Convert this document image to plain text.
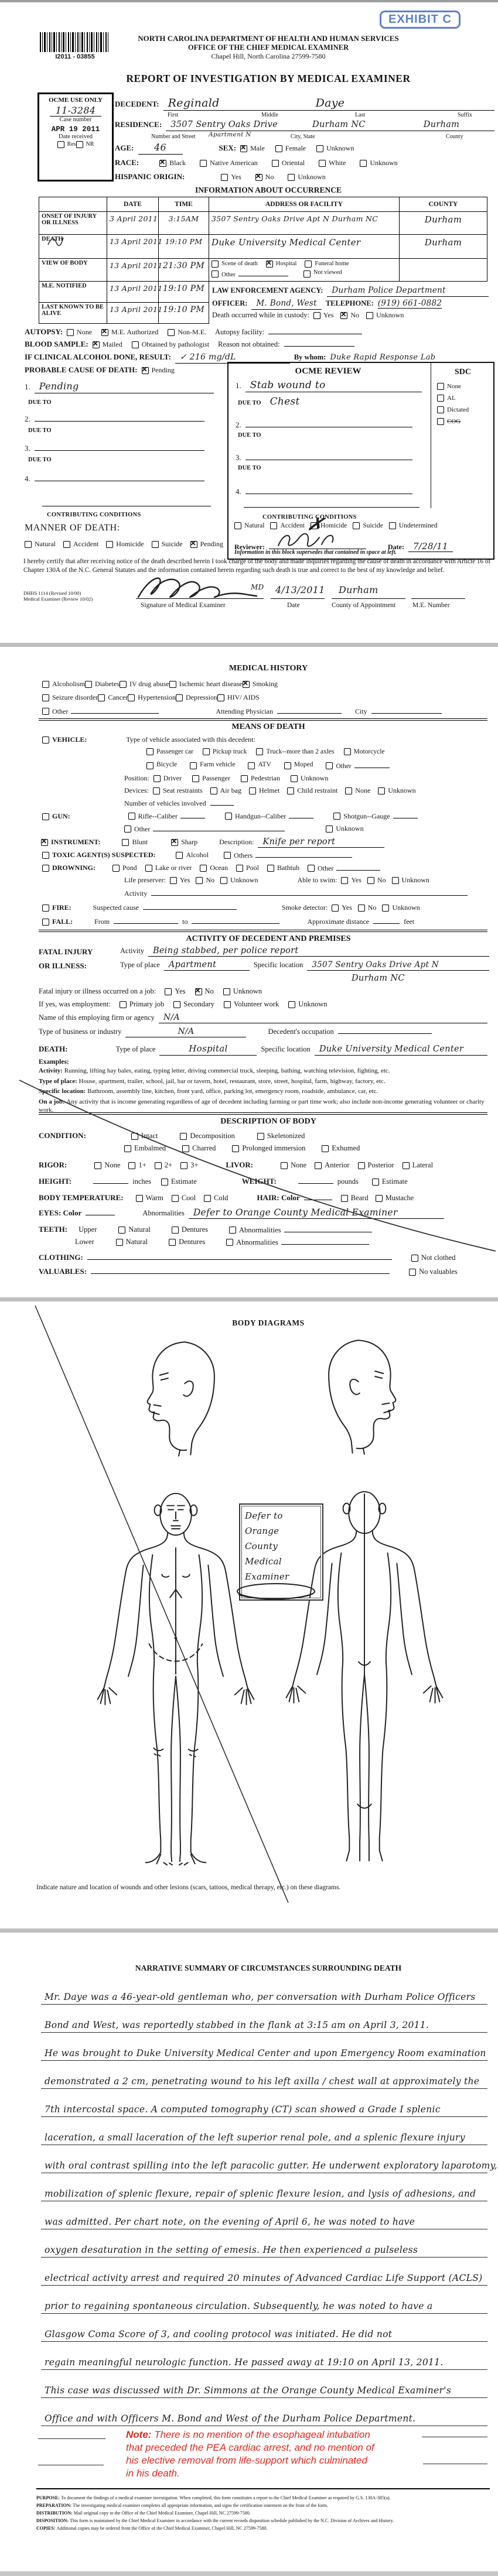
EXHIBIT C
I2011 - 03855
NORTH CAROLINA DEPARTMENT OF HEALTH AND HUMAN SERVICES
OFFICE OF THE CHIEF MEDICAL EXAMINER
Chapel Hill, North Carolina 27599-7580
REPORT OF INVESTIGATION BY MEDICAL EXAMINER
OCME USE ONLY
11-3284
Case number
APR 19 2011
Date received
Res NR
DECEDENT: Reginald	Daye
First	Middle	Last	Suffix
RESIDENCE:	3507 Sentry Oaks Drive	Durham NC	Durham
Number and Street Apartment N	City, State	County
AGE:	46	SEX: ✕ Male	Female	Unknown
RACE: ✕	Black	Native American	Oriental	White	Unknown
HISPANIC ORIGIN:	Yes ✕	No	Unknown
INFORMATION ABOUT OCCURRENCE
DATE	TIME	ADDRESS OR FACILITY	COUNTY
ONSET OF INJURY OR ILLNESS	3 April 2011	3:15AM	3507 Sentry Oaks Drive Apt N Durham NC	Durham
DEATH	13 April 2011 19:10 PM	Duke University Medical Center	Durham
VIEW OF BODY	13 April 2011 21:30 PM	Scene of death ✕	Hospital	Funeral home
Other	Not viewed
M.E. NOTIFIED	13 April 2011 19:10 PM
LAST KNOWN TO BE ALIVE	13 April 2011 19:10 PM
LAW ENFORCEMENT AGENCY:	Durham Police Department
OFFICER:	M. Bond, West	TELEPHONE: (919) 661-0882
Death occurred while in custody: Yes ✕ No Unknown
AUTOPSY: None ✕	M.E. Authorized	Non-M.E. Autopsy facility:
BLOOD SAMPLE: ✕ Mailed	Obtained by pathologist Reason not obtained:
IF CLINICAL ALCOHOL DONE, RESULT:	✓ 216 mg/dL	By whom: Duke Rapid Response Lab
PROBABLE CAUSE OF DEATH: ✕ Pending
1. Pending
DUE TO
2.
DUE TO
3.
DUE TO
4.
OCME REVIEW
1. Stab wound to
DUE TO Chest
2.
DUE TO
3.
DUE TO
4.
SDC
None
AL
Dictated
COG
CONTRIBUTING CONDITIONS
Natural Accident Homicide
✗	Suicide Undetermined
Reviewer:	Date:	7/28/11
Information in this block supersedes that contained in space at left.
CONTRIBUTING CONDITIONS
MANNER OF DEATH:
Natural	Accident	Homicide	Suicide ✕	Pending
I hereby certify that after receiving notice of the death described herein I took charge of the body and made inquiries regarding the cause of death in accordance with Article 16 of Chapter 130A of the N.C. General Statutes and the information contained herein regarding such death is true and correct to the best of my knowledge and belief.
MD 4/13/2011 Durham
Signature of Medical Examiner	Date	County of Appointment	M.E. Number
DHHS 1114 (Revised 10/00)
Medical Examiner (Review 10/02)
MEDICAL HISTORY
Alcoholism Diabetes IV drug abuse Ischemic heart disease ✕ Smoking
Seizure disorder Cancer Hypertension Depression HIV/ AIDS
Other	Attending Physician	City
MEANS OF DEATH
VEHICLE:	Type of vehicle associated with this decedent:
Passenger car	Pickup truck	Truck--more than 2 axles	Motorcycle
Bicycle	Farm vehicle	ATV	Moped	Other
Position: Driver	Passenger	Pedestrian	Unknown
Devices: Seat restraints	Air bag	Helmet	Child restraint	None	Unknown
Number of vehicles involved
GUN:	Rifle--Caliber	Handgun--Caliber	Shotgun--Gauge
Other	Unknown
✕
INSTRUMENT:	Blunt ✕	Sharp	Description:	Knife per report
TOXIC AGENT(S) SUSPECTED:	Alcohol	Others
DROWNING:	Pond	Lake or river	Ocean	Pool	Bathtub	Other
Life preserver: Yes No Unknown	Able to swim: Yes No Unknown
Activity
FIRE:	Suspected cause	Smoke detector: Yes No Unknown
FALL:	From	to	Approximate distance	feet
ACTIVITY OF DECEDENT AND PREMISES
FATAL INJURY
OR ILLNESS:
Activity	Being stabbed, per police report
Type of place	Apartment	Specific location	3507 Sentry Oaks Drive Apt N
Durham NC
Fatal injury or illness occurred on a job:	Yes ✕	No	Unknown
If yes, was employment:	Primary job	Secondary	Volunteer work	Unknown
Name of this employing firm or agency	N/A
Type of business or industry	N/A	Decedent's occupation
DEATH:	Type of place	Hospital	Specific location	Duke University Medical Center
Examples:
Activity: Running, lifting hay bales, eating, typing letter, driving commercial truck, sleeping, bathing, watching television, fighting, etc.
Type of place: House, apartment, trailer, school, jail, bar or tavern, hotel, restaurant, store, street, hospital, farm, highway, factory, etc.
Specific location: Bathroom, assembly line, kitchen, front yard, office, parking lot, emergency room, roadside, ambulance, car, etc.
On a job: Any activity that is income generating regardless of age of decedent including farming or part time work; also include non-income generating volunteer or charity work.
DESCRIPTION OF BODY
CONDITION:	Intact	Decomposition	Skeletonized
Embalmed	Charred	Prolonged immersion	Exhumed
RIGOR:	None 1+ 2+ 3+	LIVOR:	None Anterior Posterior Lateral
HEIGHT:	inches	Estimate	WEIGHT:	pounds	Estimate
BODY TEMPERATURE:	Warm Cool Cold	HAIR: Color	Beard Mustache
EYES: Color	Abnormalities Defer to Orange County Medical Examiner
TEETH: Upper	Natural	Dentures	Abnormalities
Lower	Natural	Dentures	Abnormalities
CLOTHING:	Not clothed
VALUABLES:	No valuables
BODY DIAGRAMS
Defer to
Orange
County
Medical
Examiner
Indicate nature and location of wounds and other lesions (scars, tattoos, medical therapy, etc.) on these diagrams.
NARRATIVE SUMMARY OF CIRCUMSTANCES SURROUNDING DEATH
Mr. Daye was a 46-year-old gentleman who, per conversation with Durham Police Officers
Bond and West, was reportedly stabbed in the flank at 3:15 am on April 3, 2011.
He was brought to Duke University Medical Center and upon Emergency Room examination
demonstrated a 2 cm, penetrating wound to his left axilla / chest wall at approximately the
7th intercostal space. A computed tomography (CT) scan showed a Grade I splenic
laceration, a small laceration of the left superior renal pole, and a splenic flexure injury
with oral contrast spilling into the left paracolic gutter. He underwent exploratory laparotomy,
mobilization of splenic flexure, repair of splenic flexure lesion, and lysis of adhesions, and
was admitted. Per chart note, on the evening of April 6, he was noted to have
oxygen desaturation in the setting of emesis. He then experienced a pulseless
electrical activity arrest and required 20 minutes of Advanced Cardiac Life Support (ACLS)
prior to regaining spontaneous circulation. Subsequently, he was noted to have a
Glasgow Coma Score of 3, and cooling protocol was initiated. He did not
regain meaningful neurologic function. He passed away at 19:10 on April 13, 2011.
This case was discussed with Dr. Simmons at the Orange County Medical Examiner's
Office and with Officers M. Bond and West of the Durham Police Department.
Note: There is no mention of the esophageal intubation
that preceded the PEA cardiac arrest, and no mention of
his elective removal from life-support which culminated
in his death.
PURPOSE: To document the findings of a medical examiner investigation. When completed, this form constitutes a report to the Chief Medical Examiner as required by G.S. 130A-385(a).
PREPARATION: The investigating medical examiner completes all appropriate information, and signs the certification statement on the front of the form.
DISTRIBUTION: Mail original copy to the Office of the Chief Medical Examiner, Chapel Hill, NC 27599-7580.
DISPOSITION: This form is maintained by the Chief Medical Examiner in accordance with the current records disposition schedule published by the N.C. Division of Archives and History.
COPIES: Additional copies may be ordered from the Office of the Chief Medical Examiner, Chapel Hill, NC 27599-7580.
